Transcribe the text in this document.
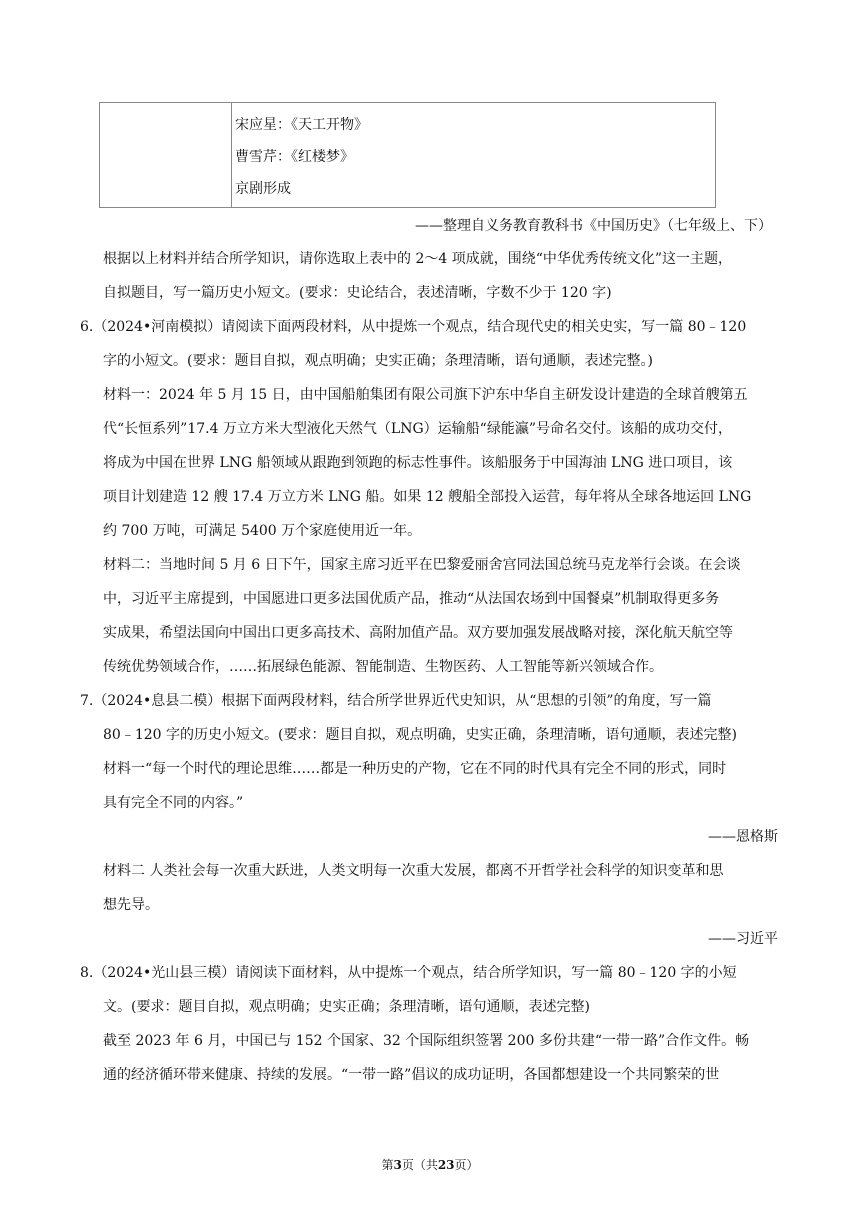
宋应星：《天工开物》
曹雪芹：《红楼梦》
京剧形成
——整理自义务教育教科书《中国历史》（七年级上、下）
根据以上材料并结合所学知识，请你选取上表中的 2～4 项成就，围绕“中华优秀传统文化”这一主题，
自拟题目，写一篇历史小短文。(要求：史论结合，表述清晰，字数不少于 120 字)
6.（2024•河南模拟）请阅读下面两段材料，从中提炼一个观点，结合现代史的相关史实，写一篇 80﹣120
字的小短文。(要求：题目自拟，观点明确；史实正确；条理清晰，语句通顺，表述完整。)
材料一：2024 年 5 月 15 日，由中国船舶集团有限公司旗下沪东中华自主研发设计建造的全球首艘第五
代“长恒系列”17.4 万立方米大型液化天然气（LNG）运输船“绿能瀛”号命名交付。该船的成功交付，
将成为中国在世界 LNG 船领域从跟跑到领跑的标志性事件。该船服务于中国海油 LNG 进口项目，该
项目计划建造 12 艘 17.4 万立方米 LNG 船。如果 12 艘船全部投入运营，每年将从全球各地运回 LNG
约 700 万吨，可满足 5400 万个家庭使用近一年。
材料二：当地时间 5 月 6 日下午，国家主席习近平在巴黎爱丽舍宫同法国总统马克龙举行会谈。在会谈
中，习近平主席提到，中国愿进口更多法国优质产品，推动“从法国农场到中国餐桌”机制取得更多务
实成果，希望法国向中国出口更多高技术、高附加值产品。双方要加强发展战略对接，深化航天航空等
传统优势领域合作，……拓展绿色能源、智能制造、生物医药、人工智能等新兴领域合作。
7.（2024•息县二模）根据下面两段材料，结合所学世界近代史知识，从“思想的引领”的角度，写一篇
80﹣120 字的历史小短文。(要求：题目自拟，观点明确，史实正确，条理清晰，语句通顺，表述完整)
材料一“每一个时代的理论思维……都是一种历史的产物，它在不同的时代具有完全不同的形式，同时
具有完全不同的内容。”
——恩格斯
材料二 人类社会每一次重大跃进，人类文明每一次重大发展，都离不开哲学社会科学的知识变革和思
想先导。
——习近平
8.（2024•光山县三模）请阅读下面材料，从中提炼一个观点，结合所学知识，写一篇 80﹣120 字的小短
文。(要求：题目自拟，观点明确；史实正确；条理清晰，语句通顺，表述完整)
截至 2023 年 6 月，中国已与 152 个国家、32 个国际组织签署 200 多份共建“一带一路”合作文件。畅
通的经济循环带来健康、持续的发展。“一带一路”倡议的成功证明，各国都想建设一个共同繁荣的世
第3页（共23页）
